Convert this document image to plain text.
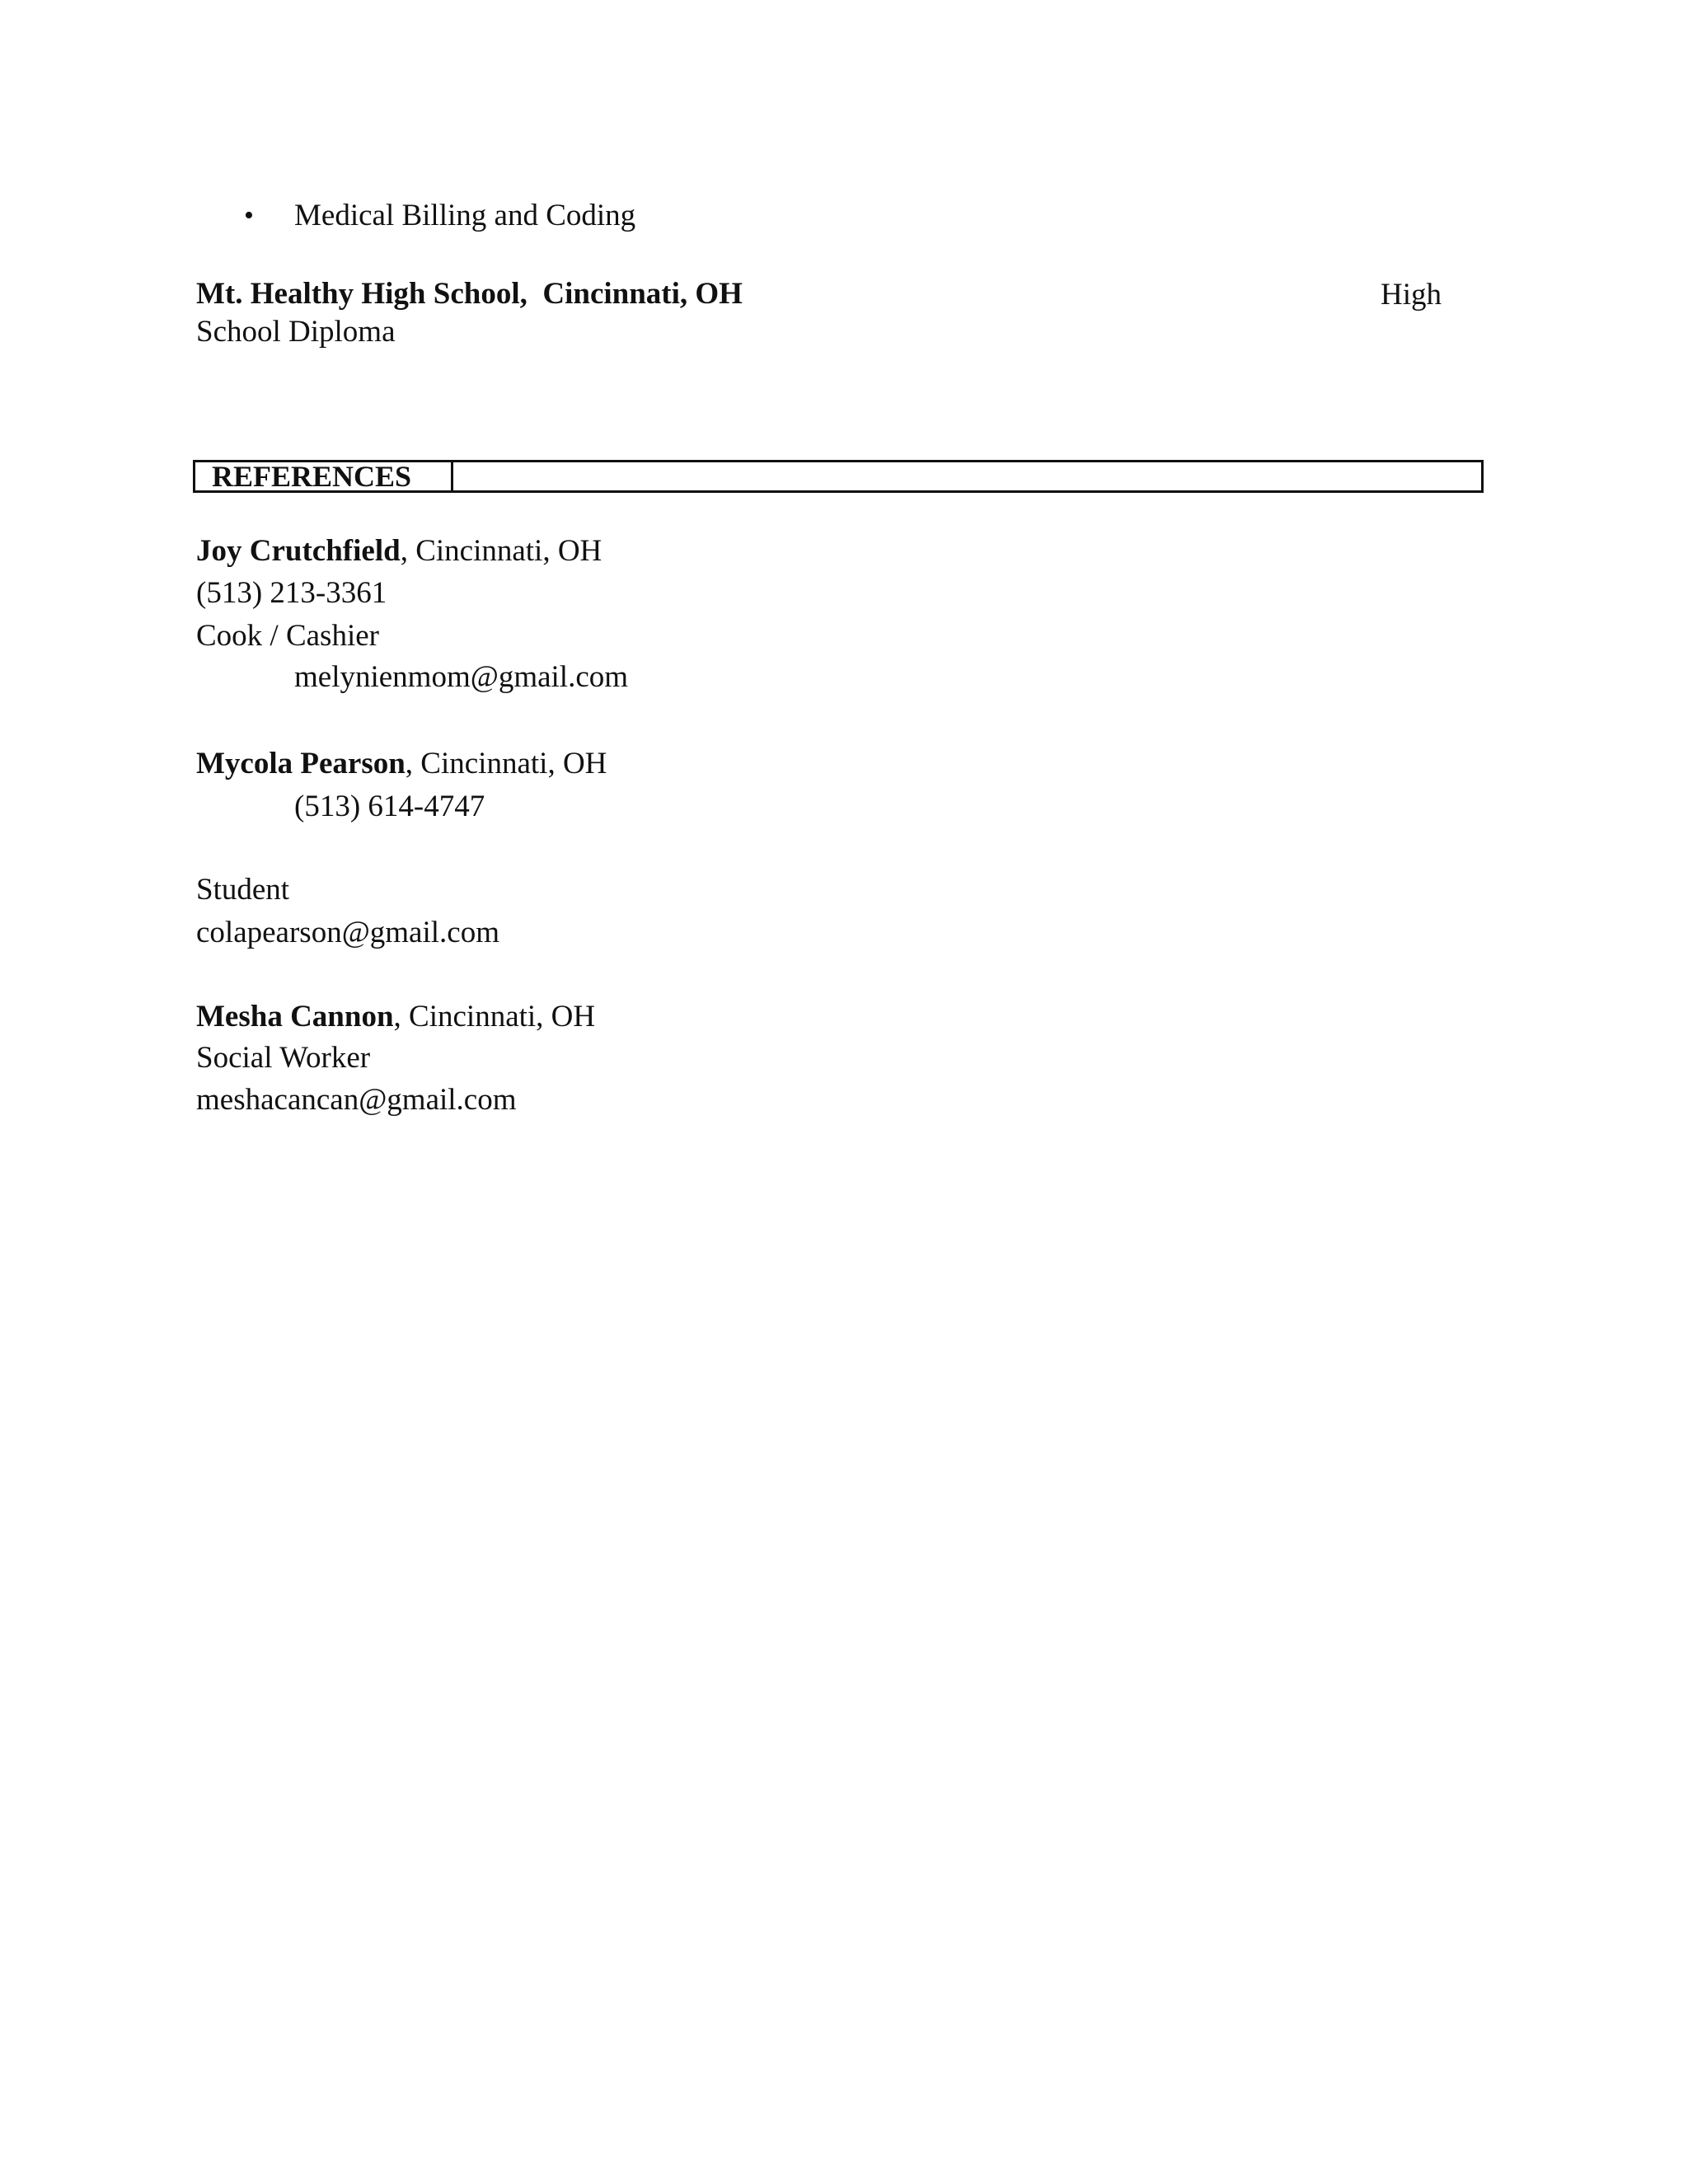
• Medical Billing and Coding
Mt. Healthy High School,  Cincinnati, OH	High
School Diploma
REFERENCES
Joy Crutchfield, Cincinnati, OH
(513) 213-3361
Cook / Cashier
melynienmom@gmail.com
Mycola Pearson, Cincinnati, OH
(513) 614-4747
Student
colapearson@gmail.com
Mesha Cannon, Cincinnati, OH
Social Worker
meshacancan@gmail.com
